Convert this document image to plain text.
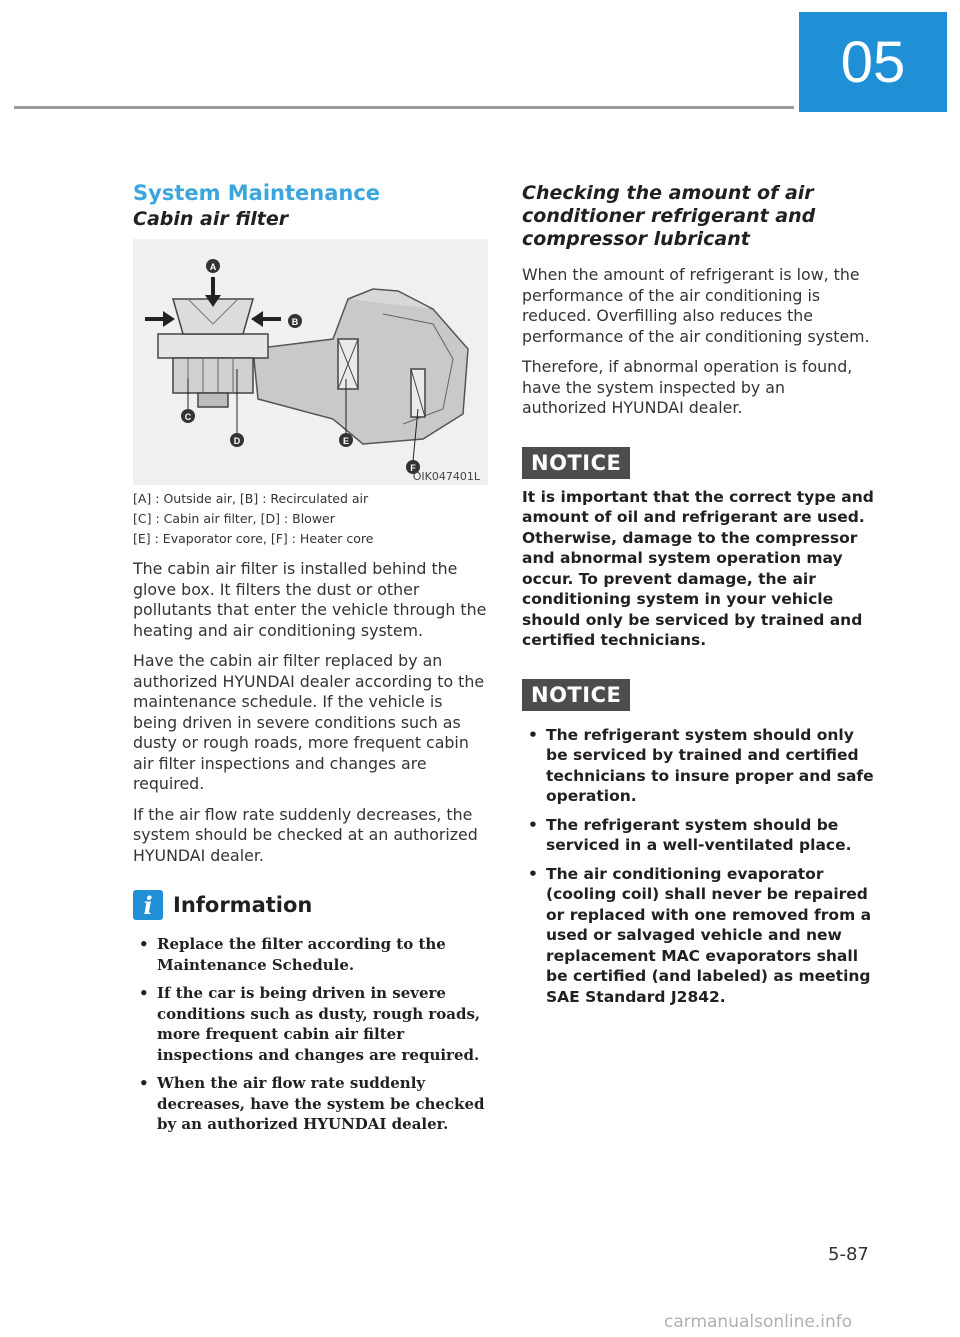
05
System Maintenance
Cabin air filter
A
B
C
D	E
F
OIK047401L
[A] : Outside air, [B] : Recirculated air
[C] : Cabin air filter, [D] : Blower
[E] : Evaporator core, [F] : Heater core

The cabin air filter is installed behind the glove box. It filters the dust or other pollutants that enter the vehicle through the heating and air conditioning system.

Have the cabin air filter replaced by an authorized HYUNDAI dealer according to the maintenance schedule. If the vehicle is being driven in severe conditions such as dusty or rough roads, more frequent cabin air filter inspections and changes are required.

If the air flow rate suddenly decreases, the system should be checked at an authorized HYUNDAI dealer.

i Information
• Replace the filter according to the Maintenance Schedule.
• If the car is being driven in severe conditions such as dusty, rough roads, more frequent cabin air filter inspections and changes are required.
• When the air flow rate suddenly decreases, have the system be checked by an authorized HYUNDAI dealer.
Checking the amount of air conditioner refrigerant and compressor lubricant

When the amount of refrigerant is low, the performance of the air conditioning is reduced. Overfilling also reduces the performance of the air conditioning system.

Therefore, if abnormal operation is found, have the system inspected by an authorized HYUNDAI dealer.

NOTICE

It is important that the correct type and amount of oil and refrigerant are used. Otherwise, damage to the compressor and abnormal system operation may occur. To prevent damage, the air conditioning system in your vehicle should only be serviced by trained and certified technicians.

NOTICE
• The refrigerant system should only be serviced by trained and certified technicians to insure proper and safe operation.
• The refrigerant system should be serviced in a well-ventilated place.
• The air conditioning evaporator (cooling coil) shall never be repaired or replaced with one removed from a used or salvaged vehicle and new replacement MAC evaporators shall be certified (and labeled) as meeting SAE Standard J2842.
5-87
carmanualsonline.info
